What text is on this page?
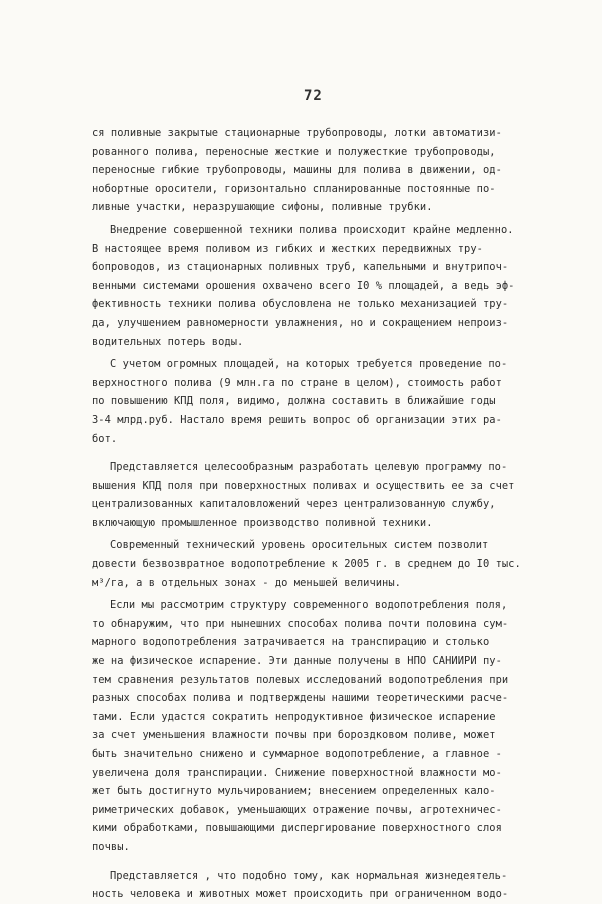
72
ся поливные закрытые стационарные трубопроводы, лотки автоматизи-
рованного полива, переносные жесткие и полужесткие трубопроводы,
переносные гибкие трубопроводы, машины для полива в движении, од-
нобортные оросители, горизонтально спланированные постоянные по-
ливные участки, неразрушающие сифоны, поливные трубки.
Внедрение совершенной техники полива происходит крайне медленно.
В настоящее время поливом из гибких и жестких передвижных тру-
бопроводов, из стационарных поливных труб, капельными и внутрипоч-
венными системами орошения охвачено всего I0 % площадей, а ведь эф-
фективность техники полива обусловлена не только механизацией тру-
да, улучшением равномерности увлажнения, но и сокращением непроиз-
водительных потерь воды.
С учетом огромных площадей, на которых требуется проведение по-
верхностного полива (9 млн.га по стране в целом), стоимость работ
по повышению КПД поля, видимо, должна составить в ближайшие годы
3-4 млрд.руб. Настало время решить вопрос об организации этих ра-
бот.
Представляется целесообразным разработать целевую программу по-
вышения КПД поля при поверхностных поливах и осуществить ее за счет
централизованных капиталовложений через централизованную службу,
включающую промышленное производство поливной техники.
Современный технический уровень оросительных систем позволит
довести безвозвратное водопотребление к 2005 г. в среднем до I0 тыс.
м³/га, а в отдельных зонах - до меньшей величины.
Если мы рассмотрим структуру современного водопотребления поля,
то обнаружим, что при нынешних способах полива почти половина сум-
марного водопотребления затрачивается на транспирацию и столько
же на физическое испарение. Эти данные получены в НПО САНИИРИ пу-
тем сравнения результатов полевых исследований водопотребления при
разных способах полива и подтверждены нашими теоретическими расче-
тами. Если удастся сократить непродуктивное физическое испарение
за счет уменьшения влажности почвы при бороздковом поливе, может
быть значительно снижено и суммарное водопотребление, а главное -
увеличена доля транспирации. Снижение поверхностной влажности мо-
жет быть достигнуто мульчированием; внесением определенных кало-
риметрических добавок, уменьшающих отражение почвы, агротехничес-
кими обработками, повышающими диспергирование поверхностного слоя
почвы.
Представляется , что подобно тому, как нормальная жизнедеятель-
ность человека и животных может происходить при ограниченном водо-
